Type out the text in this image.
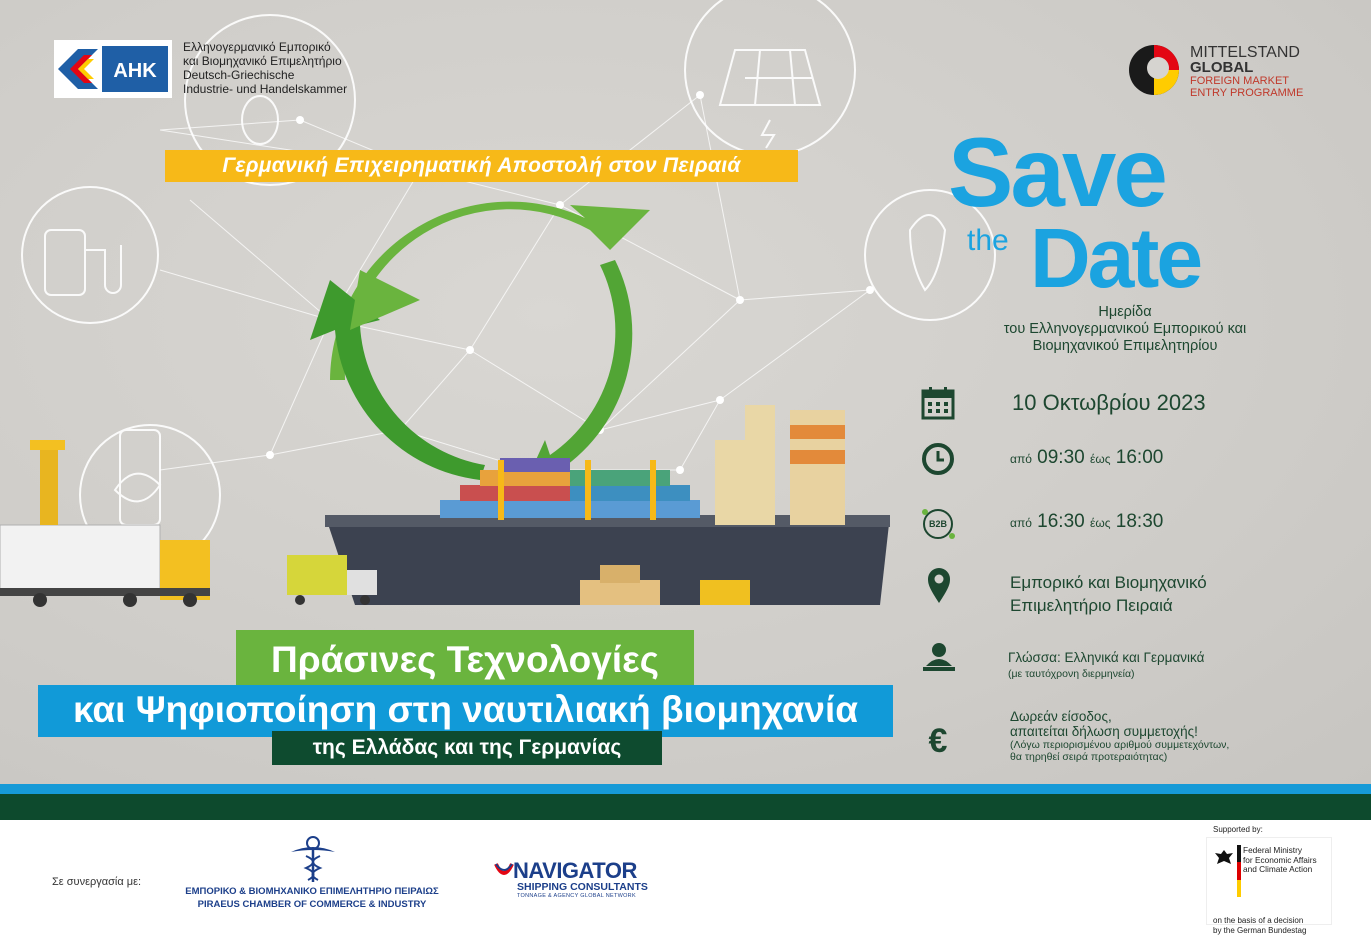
AHK
Ελληνογερμανικό Εμπορικό
και Βιομηχανικό Επιμελητήριο
Deutsch-Griechische
Industrie- und Handelskammer
MITTELSTAND
GLOBAL
FOREIGN MARKET
ENTRY PROGRAMME
Γερμανική Επιχειρηματική Αποστολή στον Πειραιά	Save
the Date
Ημερίδα
του Ελληνογερμανικού Εμπορικού και
Βιομηχανικού Επιμελητηρίου
10 Οκτωβρίου 2023
από 09:30 έως 16:00
B2B	από 16:30 έως 18:30
Εμπορικό και Βιομηχανικό
Επιμελητήριο Πειραιά
Γλώσσα: Ελληνικά και Γερμανικά
(με ταυτόχρονη διερμηνεία)
€
Δωρεάν είσοδος,
απαιτείται δήλωση συμμετοχής!
(Λόγω περιορισμένου αριθμού συμμετεχόντων,
θα τηρηθεί σειρά προτεραιότητας)
Πράσινες Τεχνολογίες
και Ψηφιοποίηση στη ναυτιλιακή βιομηχανία
της Ελλάδας και της Γερμανίας
Σε συνεργασία με:
ΕΜΠΟΡΙΚΟ & ΒΙΟΜΗΧΑΝΙΚΟ ΕΠΙΜΕΛΗΤΗΡΙΟ ΠΕΙΡΑΙΩΣ
PIRAEUS CHAMBER OF COMMERCE & INDUSTRY
NAVIGATOR
SHIPPING CONSULTANTS
TONNAGE & AGENCY GLOBAL NETWORK
Supported by:
Federal Ministry
for Economic Affairs
and Climate Action
on the basis of a decision
by the German Bundestag
